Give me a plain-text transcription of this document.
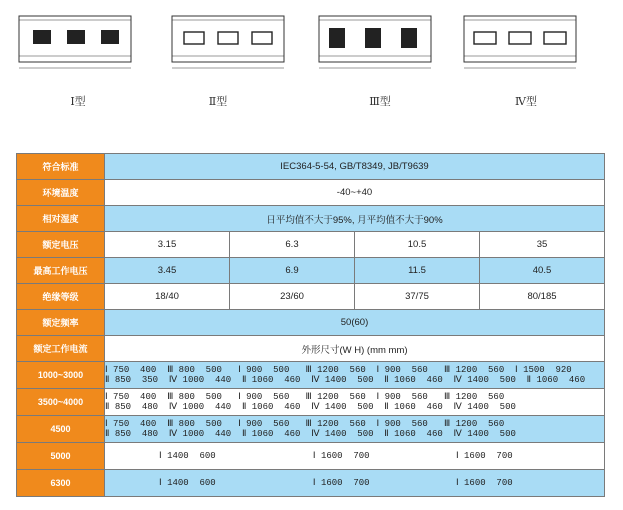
Ⅰ型	Ⅱ型	Ⅲ型	Ⅳ型
符合标准	IEC364-5-54, GB/T8349, JB/T9639			
环境温度	-40~+40			
相对湿度	日平均值不大于95%, 月平均值不大于90%			
额定电压	3.15	6.3	10.5	35
最高工作电压	3.45	6.9	11.5	40.5
绝缘等级	18/40	23/60	37/75	80/185
额定频率	50(60)			
额定工作电流	外形尺寸(W H) (mm mm)			
1000~3000	Ⅰ 750  400  Ⅲ 800  500   Ⅰ 900  500   Ⅲ 1200  560  Ⅰ 900  560   Ⅲ 1200  560  Ⅰ 1500  920
Ⅱ 850  350  Ⅳ 1000  440  Ⅱ 1060  460  Ⅳ 1400  500  Ⅱ 1060  460  Ⅳ 1400  500  Ⅱ 1060  460			

3500~4000	Ⅰ 750  400  Ⅲ 800  500   Ⅰ 900  560   Ⅲ 1200  560  Ⅰ 900  560   Ⅲ 1200  560
Ⅱ 850  480  Ⅳ 1000  440  Ⅱ 1060  460  Ⅳ 1400  500  Ⅱ 1060  460  Ⅳ 1400  500			

4500	Ⅰ 750  400  Ⅲ 800  500   Ⅰ 900  560   Ⅲ 1200  560  Ⅰ 900  560   Ⅲ 1200  560
Ⅱ 850  480  Ⅳ 1000  440  Ⅱ 1060  460  Ⅳ 1400  500  Ⅱ 1060  460  Ⅳ 1400  500			

5000	Ⅰ 1400  600                  Ⅰ 1600  700                Ⅰ 1600  700			

6300	Ⅰ 1400  600                  Ⅰ 1600  700                Ⅰ 1600  700			
